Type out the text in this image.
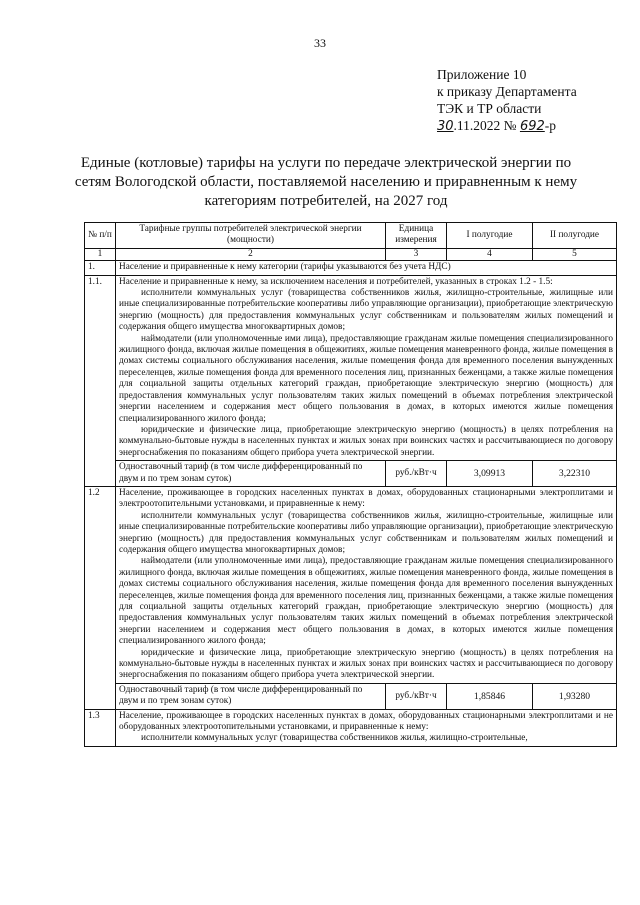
33
Приложение 10
к приказу Департамента
ТЭК и ТР области
30.11.2022 № 692-р
Единые (котловые) тарифы на услуги по передаче электрической энергии по сетям Вологодской области, поставляемой населению и приравненным к нему категориям потребителей, на 2027 год
№ п/п	Тарифные группы потребителей электрической энергии (мощности)	Единица измерения	I полугодие	II полугодие
1	2	3	4	5
1.	Население и приравненные к нему категории (тарифы указываются без учета НДС)			
1.1.	Население и приравненные к нему, за исключением населения и потребителей, указанных в строках 1.2 - 1.5:
исполнители коммунальных услуг (товарищества собственников жилья, жилищно-строительные, жилищные или иные специализированные потребительские кооперативы либо управляющие организации), приобретающие электрическую энергию (мощность) для предоставления коммунальных услуг собственникам и пользователям жилых помещений и содержания общего имущества многоквартирных домов;
наймодатели (или уполномоченные ими лица), предоставляющие гражданам жилые помещения специализированного жилищного фонда, включая жилые помещения в общежитиях, жилые помещения маневренного фонда, жилые помещения в домах системы социального обслуживания населения, жилые помещения фонда для временного поселения вынужденных переселенцев, жилые помещения фонда для временного поселения лиц, признанных беженцами, а также жилые помещения для социальной защиты отдельных категорий граждан, приобретающие электрическую энергию (мощность) для предоставления коммунальных услуг пользователям таких жилых помещений в объемах потребления электрической энергии населением и содержания мест общего пользования в домах, в которых имеются жилые помещения специализированного жилого фонда;
юридические и физические лица, приобретающие электрическую энергию (мощность) в целях потребления на коммунально-бытовые нужды в населенных пунктах и жилых зонах при воинских частях и рассчитывающиеся по договору энергоснабжения по показаниям общего прибора учета электрической энергии.			

	Одноставочный тариф (в том числе дифференцированный по двум и по трем зонам суток)	руб./кВт·ч	3,09913	3,22310
1.2	Население, проживающее в городских населенных пунктах в домах, оборудованных стационарными электроплитами и электроотопительными установками, и приравненные к нему:
исполнители коммунальных услуг (товарищества собственников жилья, жилищно-строительные, жилищные или иные специализированные потребительские кооперативы либо управляющие организации), приобретающие электрическую энергию (мощность) для предоставления коммунальных услуг собственникам и пользователям жилых помещений и содержания общего имущества многоквартирных домов;
наймодатели (или уполномоченные ими лица), предоставляющие гражданам жилые помещения специализированного жилищного фонда, включая жилые помещения в общежитиях, жилые помещения маневренного фонда, жилые помещения в домах системы социального обслуживания населения, жилые помещения фонда для временного поселения вынужденных переселенцев, жилые помещения фонда для временного поселения лиц, признанных беженцами, а также жилые помещения для социальной защиты отдельных категорий граждан, приобретающие электрическую энергию (мощность) для предоставления коммунальных услуг пользователям таких жилых помещений в объемах потребления электрической энергии населением и содержания мест общего пользования в домах, в которых имеются жилые помещения специализированного жилого фонда;
юридические и физические лица, приобретающие электрическую энергию (мощность) в целях потребления на коммунально-бытовые нужды в населенных пунктах и жилых зонах при воинских частях и рассчитывающиеся по договору энергоснабжения по показаниям общего прибора учета электрической энергии.			

	Одноставочный тариф (в том числе дифференцированный по двум и по трем зонам суток)	руб./кВт·ч	1,85846	1,93280
1.3	Население, проживающее в городских населенных пунктах в домах, оборудованных стационарными электроплитами и не оборудованных электроотопительными установками, и приравненные к нему:
исполнители коммунальных услуг (товарищества собственников жилья, жилищно-строительные,			
